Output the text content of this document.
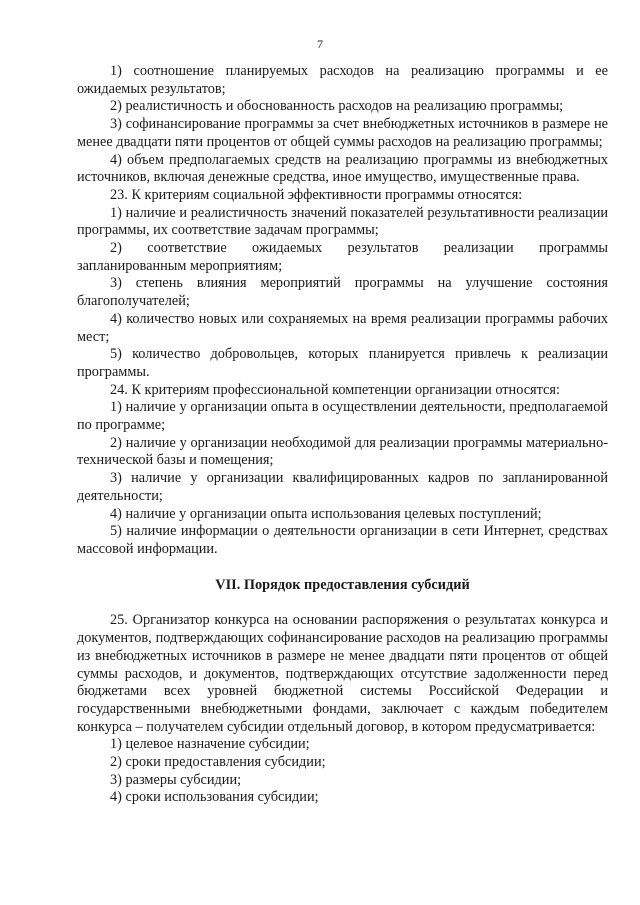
7

1) соотношение планируемых расходов на реализацию программы и ее ожидаемых результатов;

2) реалистичность и обоснованность расходов на реализацию программы;

3) софинансирование программы за счет внебюджетных источников в размере не менее двадцати пяти процентов от общей суммы расходов на реализацию программы;

4) объем предполагаемых средств на реализацию программы из внебюджетных источников, включая денежные средства, иное имущество, имущественные права.

23. К критериям социальной эффективности программы относятся:

1) наличие и реалистичность значений показателей результативности реализации программы, их соответствие задачам программы;

2) соответствие ожидаемых результатов реализации программы запланированным мероприятиям;

3) степень влияния мероприятий программы на улучшение состояния благополучателей;

4) количество новых или сохраняемых на время реализации программы рабочих мест;

5) количество добровольцев, которых планируется привлечь к реализации программы.

24. К критериям профессиональной компетенции организации относятся:

1) наличие у организации опыта в осуществлении деятельности, предполагаемой по программе;

2) наличие у организации необходимой для реализации программы материально-технической базы и помещения;

3) наличие у организации квалифицированных кадров по запланированной деятельности;

4) наличие у организации опыта использования целевых поступлений;

5) наличие информации о деятельности организации в сети Интернет, средствах массовой информации.

VII. Порядок предоставления субсидий

25. Организатор конкурса на основании распоряжения о результатах конкурса и документов, подтверждающих софинансирование расходов на реализацию программы из внебюджетных источников в размере не менее двадцати пяти процентов от общей суммы расходов, и документов, подтверждающих отсутствие задолженности перед бюджетами всех уровней бюджетной системы Российской Федерации и государственными внебюджетными фондами, заключает с каждым победителем конкурса – получателем субсидии отдельный договор, в котором предусматривается:

1) целевое назначение субсидии;

2) сроки предоставления субсидии;

3) размеры субсидии;

4) сроки использования субсидии;
